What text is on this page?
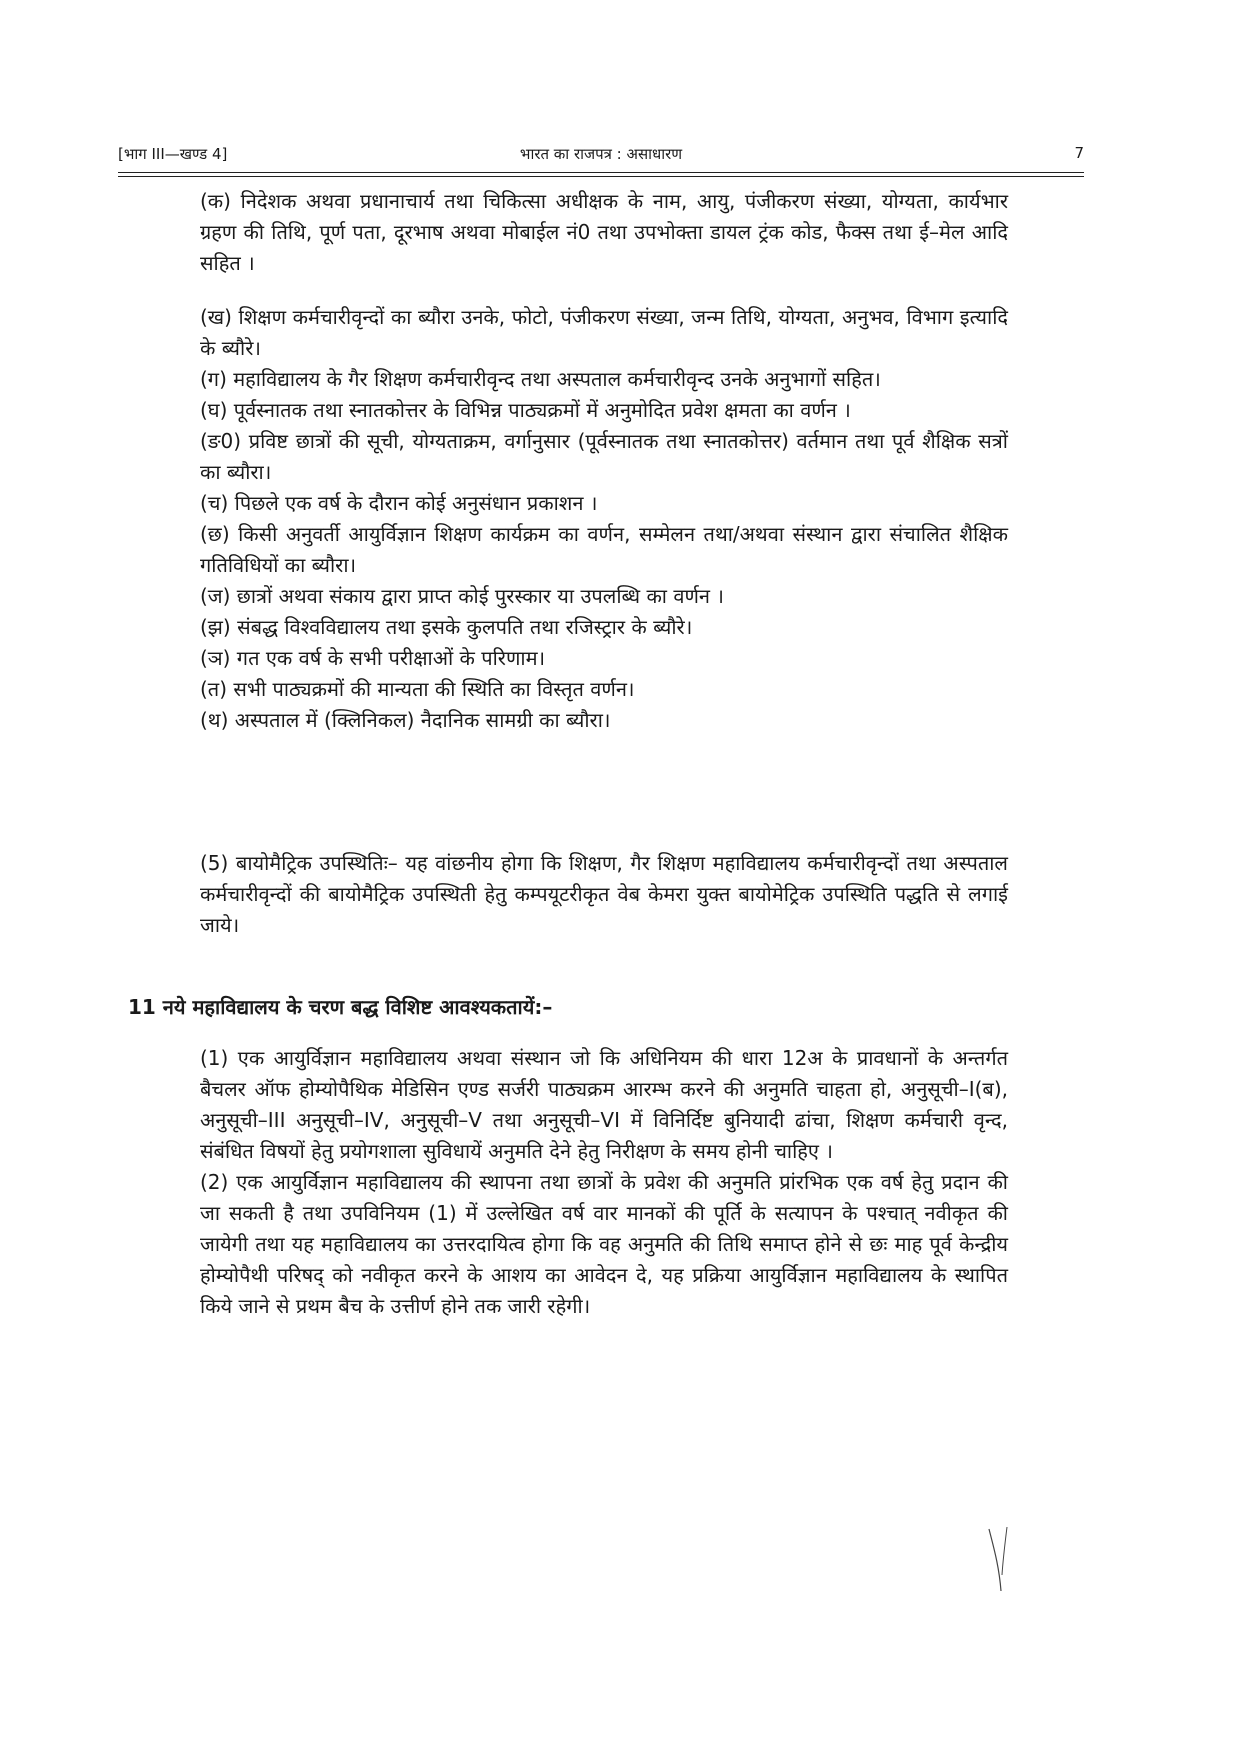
[भाग III—खण्ड 4]	भारत का राजपत्र : असाधारण	7

(क) निदेशक अथवा प्रधानाचार्य तथा चिकित्सा अधीक्षक के नाम, आयु, पंजीकरण संख्या, योग्यता, कार्यभार ग्रहण की तिथि, पूर्ण पता, दूरभाष अथवा मोबाईल नं0 तथा उपभोक्ता डायल ट्रंक कोड, फैक्स तथा ई–मेल आदि सहित ।

(ख) शिक्षण कर्मचारीवृन्दों का ब्यौरा उनके, फोटो, पंजीकरण संख्या, जन्म तिथि, योग्यता, अनुभव, विभाग इत्यादि के ब्यौरे।

(ग) महाविद्यालय के गैर शिक्षण कर्मचारीवृन्द तथा अस्पताल कर्मचारीवृन्द उनके अनुभागों सहित।

(घ) पूर्वस्नातक तथा स्नातकोत्तर के विभिन्न पाठ्यक्रमों में अनुमोदित प्रवेश क्षमता का वर्णन ।

(ङ0) प्रविष्ट छात्रों की सूची, योग्यताक्रम, वर्गानुसार (पूर्वस्नातक तथा स्नातकोत्तर) वर्तमान तथा पूर्व शैक्षिक सत्रों का ब्यौरा।

(च) पिछले एक वर्ष के दौरान कोई अनुसंधान प्रकाशन ।

(छ) किसी अनुवर्ती आयुर्विज्ञान शिक्षण कार्यक्रम का वर्णन, सम्मेलन तथा/अथवा संस्थान द्वारा संचालित शैक्षिक गतिविधियों का ब्यौरा।

(ज) छात्रों अथवा संकाय द्वारा प्राप्त कोई पुरस्कार या उपलब्धि का वर्णन ।

(झ) संबद्ध विश्वविद्यालय तथा इसके कुलपति तथा रजिस्ट्रार के ब्यौरे।

(ञ) गत एक वर्ष के सभी परीक्षाओं के परिणाम।

(त) सभी पाठ्यक्रमों की मान्यता की स्थिति का विस्तृत वर्णन।

(थ) अस्पताल में (क्लिनिकल) नैदानिक सामग्री का ब्यौरा।

(5) बायोमैट्रिक उपस्थितिः– यह वांछनीय होगा कि शिक्षण, गैर शिक्षण महाविद्यालय कर्मचारीवृन्दों तथा अस्पताल कर्मचारीवृन्दों की बायोमैट्रिक उपस्थिती हेतु कम्पयूटरीकृत वेब केमरा युक्त बायोमेट्रिक उपस्थिति पद्धति से लगाई जाये।

11 नये महाविद्यालय के चरण बद्ध विशिष्ट आवश्यकतायें:–

(1) एक आयुर्विज्ञान महाविद्यालय अथवा संस्थान जो कि अधिनियम की धारा 12अ के प्रावधानों के अन्तर्गत बैचलर ऑफ होम्योपैथिक मेडिसिन एण्ड सर्जरी पाठ्यक्रम आरम्भ करने की अनुमति चाहता हो, अनुसूची–I(ब), अनुसूची–III अनुसूची–IV, अनुसूची–V तथा अनुसूची–VI में विनिर्दिष्ट बुनियादी ढांचा, शिक्षण कर्मचारी वृन्द, संबंधित विषयों हेतु प्रयोगशाला सुविधायें अनुमति देने हेतु निरीक्षण के समय होनी चाहिए ।

(2) एक आयुर्विज्ञान महाविद्यालय की स्थापना तथा छात्रों के प्रवेश की अनुमति प्रांरभिक एक वर्ष हेतु प्रदान की जा सकती है तथा उपविनियम (1) में उल्लेखित वर्ष वार मानकों की पूर्ति के सत्यापन के पश्चात् नवीकृत की जायेगी तथा यह महाविद्यालय का उत्तरदायित्व होगा कि वह अनुमति की तिथि समाप्त होने से छः माह पूर्व केन्द्रीय होम्योपैथी परिषद् को नवीकृत करने के आशय का आवेदन दे, यह प्रक्रिया आयुर्विज्ञान महाविद्यालय के स्थापित किये जाने से प्रथम बैच के उत्तीर्ण होने तक जारी रहेगी।
